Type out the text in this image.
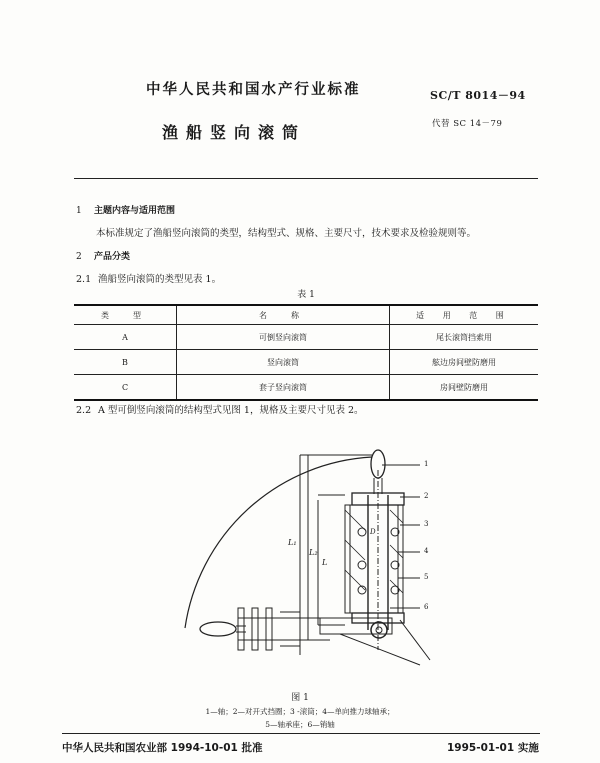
中华人民共和国水产行业标准	SC/T 8014－94
渔船竖向滚筒	代替 SC 14－79
1 主题内容与适用范围
本标准规定了渔船竖向滚筒的类型，结构型式、规格、主要尺寸，技术要求及检验规则等。
2 产品分类
2.1 渔船竖向滚筒的类型见表 1。
表 1
类　型	名　称	适 用 范 围
A	可倒竖向滚筒	尾长滚筒挡索用
B	竖向滚筒	舷边房间壁防磨用
C	套子竖向滚筒	房间壁防磨用
2.2 A 型可倒竖向滚筒的结构型式见图 1，规格及主要尺寸见表 2。
1
2
3
4
5
6
L₁
L₂
L
D
图 1
1—轴；2—对开式挡圈；3 -滚筒；4—单向推力球轴承；
5—轴承座；6—销轴
中华人民共和国农业部 1994-10-01 批准	1995-01-01 实施
